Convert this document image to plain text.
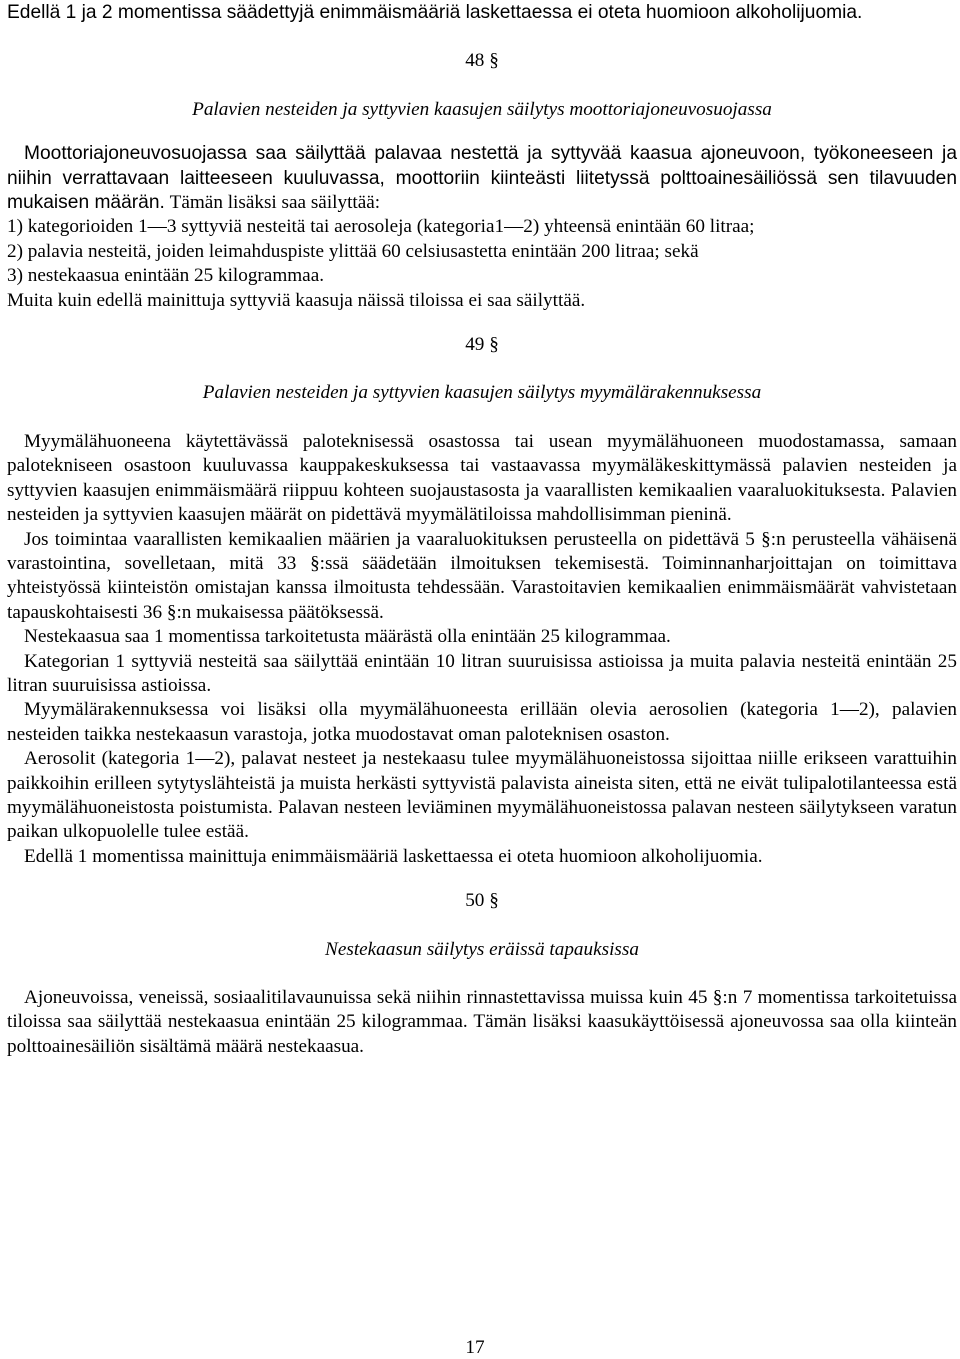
Edellä 1 ja 2 momentissa säädettyjä enimmäismääriä laskettaessa ei oteta huomioon alkoholijuomia.

48 §

Palavien nesteiden ja syttyvien kaasujen säilytys moottoriajoneuvosuojassa

Moottoriajoneuvosuojassa saa säilyttää palavaa nestettä ja syttyvää kaasua ajoneuvoon, työkoneeseen ja niihin verrattavaan laitteeseen kuuluvassa, moottoriin kiinteästi liitetyssä polttoainesäiliössä sen tilavuuden mukaisen määrän. Tämän lisäksi saa säilyttää:

1) kategorioiden 1—3 syttyviä nesteitä tai aerosoleja (kategoria1—2) yhteensä enintään 60 litraa;

2) palavia nesteitä, joiden leimahduspiste ylittää 60 celsiusastetta enintään 200 litraa; sekä

3) nestekaasua enintään 25 kilogrammaa.

Muita kuin edellä mainittuja syttyviä kaasuja näissä tiloissa ei saa säilyttää.

49 §

Palavien nesteiden ja syttyvien kaasujen säilytys myymälärakennuksessa

Myymälähuoneena käytettävässä paloteknisessä osastossa tai usean myymälähuoneen muodostamassa, samaan palotekniseen osastoon kuuluvassa kauppakeskuksessa tai vastaavassa myymäläkeskittymässä palavien nesteiden ja syttyvien kaasujen enimmäismäärä riippuu kohteen suojaustasosta ja vaarallisten kemikaalien vaaraluokituksesta. Palavien nesteiden ja syttyvien kaasujen määrät on pidettävä myymälätiloissa mahdollisimman pieninä.

Jos toimintaa vaarallisten kemikaalien määrien ja vaaraluokituksen perusteella on pidettävä 5 §:n perusteella vähäisenä varastointina, sovelletaan, mitä 33 §:ssä säädetään ilmoituksen tekemisestä. Toiminnanharjoittajan on toimittava yhteistyössä kiinteistön omistajan kanssa ilmoitusta tehdessään. Varastoitavien kemikaalien enimmäismäärät vahvistetaan tapauskohtaisesti 36 §:n mukaisessa päätöksessä.

Nestekaasua saa 1 momentissa tarkoitetusta määrästä olla enintään 25 kilogrammaa.

Kategorian 1 syttyviä nesteitä saa säilyttää enintään 10 litran suuruisissa astioissa ja muita palavia nesteitä enintään 25 litran suuruisissa astioissa.

Myymälärakennuksessa voi lisäksi olla myymälähuoneesta erillään olevia aerosolien (kategoria 1—2), palavien nesteiden taikka nestekaasun varastoja, jotka muodostavat oman paloteknisen osaston.

Aerosolit (kategoria 1—2), palavat nesteet ja nestekaasu tulee myymälähuoneistossa sijoittaa niille erikseen varattuihin paikkoihin erilleen sytytyslähteistä ja muista herkästi syttyvistä palavista aineista siten, että ne eivät tulipalotilanteessa estä myymälähuoneistosta poistumista. Palavan nesteen leviäminen myymälähuoneistossa palavan nesteen säilytykseen varatun paikan ulkopuolelle tulee estää.

Edellä 1 momentissa mainittuja enimmäismääriä laskettaessa ei oteta huomioon alkoholijuomia.

50 §

Nestekaasun säilytys eräissä tapauksissa

Ajoneuvoissa, veneissä, sosiaalitilavaunuissa sekä niihin rinnastettavissa muissa kuin 45 §:n 7 momentissa tarkoitetuissa tiloissa saa säilyttää nestekaasua enintään 25 kilogrammaa. Tämän lisäksi kaasukäyttöisessä ajoneuvossa saa olla kiinteän polttoainesäiliön sisältämä määrä nestekaasua.

17
